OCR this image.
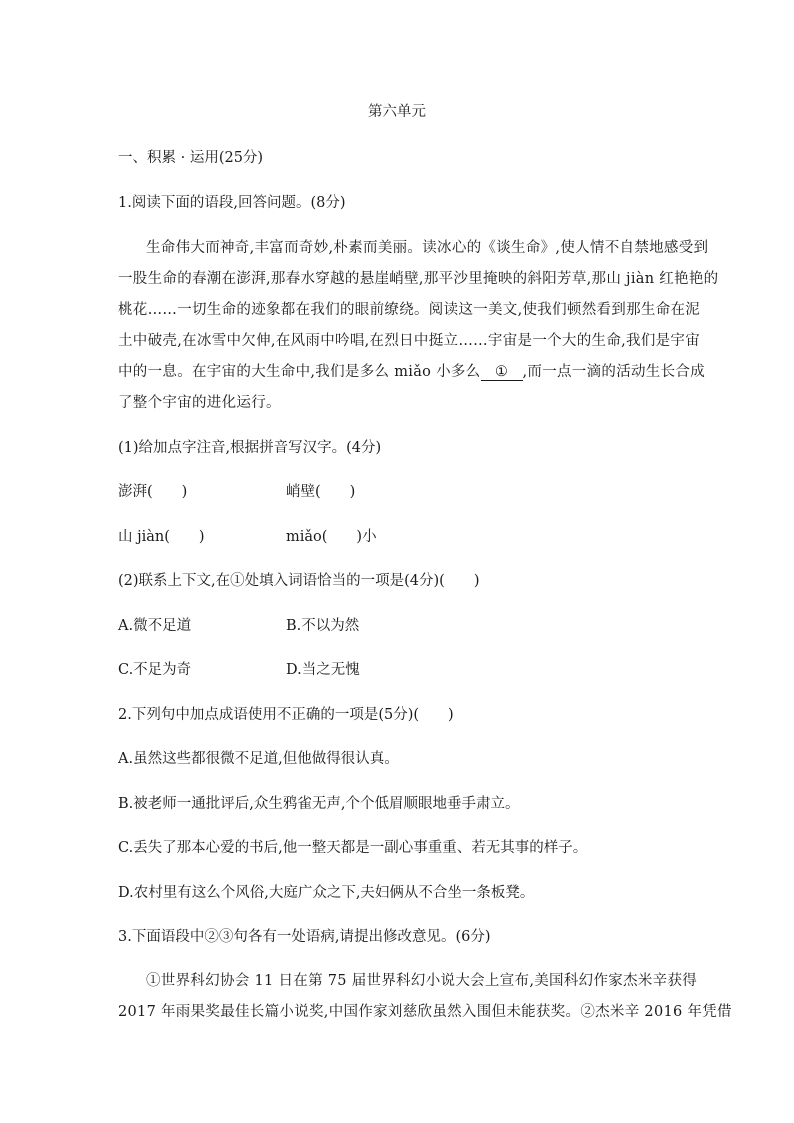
第六单元
一、积累 · 运用(25分)
1.阅读下面的语段,回答问题。(8分)
生命伟大而神奇,丰富而奇妙,朴素而美丽。读冰心的《谈生命》,使人情不自禁地感受到
一股生命的春潮在澎湃,那春水穿越的悬崖峭壁,那平沙里掩映的斜阳芳草,那山 jiàn 红艳艳的
桃花……一切生命的迹象都在我们的眼前缭绕。阅读这一美文,使我们顿然看到那生命在泥
土中破壳,在冰雪中欠伸,在风雨中吟唱,在烈日中挺立……宇宙是一个大的生命,我们是宇宙
中的一息。在宇宙的大生命中,我们是多么 miǎo 小多么 ① ,而一点一滴的活动生长合成
了整个宇宙的进化运行。
(1)给加点字注音,根据拼音写汉字。(4分)
澎湃(　　)	峭壁(　　)
山 jiàn(　　)	miǎo(　　)小
(2)联系上下文,在①处填入词语恰当的一项是(4分)(　　)
A.微不足道	B.不以为然
C.不足为奇	D.当之无愧
2.下列句中加点成语使用不正确的一项是(5分)(　　)
A.虽然这些都很微不足道,但他做得很认真。
B.被老师一通批评后,众生鸦雀无声,个个低眉顺眼地垂手肃立。
C.丢失了那本心爱的书后,他一整天都是一副心事重重、若无其事的样子。
D.农村里有这么个风俗,大庭广众之下,夫妇俩从不合坐一条板凳。
3.下面语段中②③句各有一处语病,请提出修改意见。(6分)
①世界科幻协会 11 日在第 75 届世界科幻小说大会上宣布,美国科幻作家杰米辛获得
2017 年雨果奖最佳长篇小说奖,中国作家刘慈欣虽然入围但未能获奖。②杰米辛 2016 年凭借
